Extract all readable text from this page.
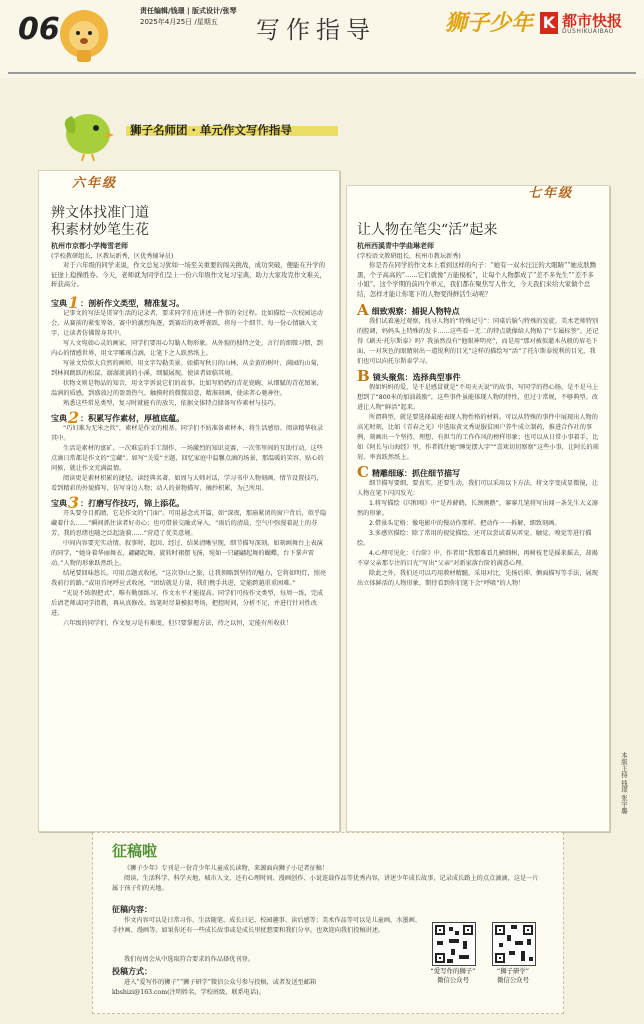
06
责任编辑/钱璟 | 版式设计/张琴
2025年4月25日 /星期五 写作指导	狮子少年 K 都市快报
DUSHIKUAIBAO
狮子名师团 · 单元作文写作指导
辨文体找准门道
积素材妙笔生花
杭州市京都小学梅雪老师
(学校教研组长，区教坛新秀，区优秀辅导员)
对于六年级的同学来说，作文总复习犹如一场至关重要的闯关挑战，成功突破，便能在升学的征途上稳操胜券。今天，老师就为同学们呈上一份六年级作文复习宝典，助力大家攻克作文难关，斩获高分。
宝典1：剖析作文类型，精准复习。

记事文的写法是贯穿生活的记录者，要求同学们在讲述一件事的全过程。比如描绘一次校园运动会，从赛前的紧张筹备，赛中的激烈角逐，到赛后的欢呼雀跃，将每一个细节、每一份心情融入文字，让读者仿佛置身其中。

写人文宛如心灵的画家，同学们要用心勾勒人物形象。从外貌的独特之处，言行的细微习惯，到内心的情感世界，用文字雕琢点滴，让笔下之人跃然纸上。

写景文恰似大自然的画师，用文字勾勒美景。如描写秋日的山林，从金黄的树叶、满园的山菊，到林间跳跃的松鼠、潺潺流淌的小溪，细腻展现，使读者如临其境。

状物文则是物品的知音，用文字诉说它们的故事。比如写奶奶的青花瓷碗，从细腻的青花图案、温润的质感，到盛放过的盈盈热气、触摸时的微微凉意，精准刻画，使读者心驰神往。

熟悉这些常见类型，复习时就能有的放矢，依据文体特点储备写作素材与技巧。

宝典2：积累写作素材，厚植底蕴。

“巧妇难为无米之炊”，素材是作文的根基。同学们不妨准备素材本，将生活感悟、阅读精华收录其中。

生活是素材的富矿。一次难忘的手工制作、一场激烈的知识竞赛，一次邻里间的互助行动，这些点滴日常都是作文的“宝藏”。如写“关爱”主题，回忆家庭中温馨点滴的场景，那温暖的笑容、贴心的问候，就让作文充满温情。

阅读更是素材积累的捷径。读经典名著，如周与大师对话，学习书中人物刻画、情节设置技巧，看到精彩的外貌描写，仿写身边人物；动人的景物描写，摘抄积累，为己所用。

宝典3：打磨写作技巧，锦上添花。

开头要夺目抓睛，它是作文的“门面”。可用悬念式开篇，如“深夜，那扇紧闭的窗户背后，似乎隐藏着什么……”瞬间抓住读者好奇心；也可借景交融式导入，“雨后的清晨，空气中弥漫着泥土的芬芳，我的思绪也随之泛起涟漪……”营造了优美意境。

中间内容要充实动情。叙事时，起因、经过、结果清晰呈现，细节描写深刻。如刻画舞台上表演的同学，“她身着华丽舞衣，翩翩起舞，旋转时裙摆飞扬，宛如一只翩翩起舞的蝴蝶，台下掌声雷动。”人物的形象跃然纸上。

结尾要回味悠长。可用点题式收尾，“这次登山之旅，让我领略到坚持的魅力，它将如明灯，照亮我前行的路。”或用首尾呼应式收尾，“团结就是力量，我们携手共进，定能跨越重重困难。”

“光说不练假把式”，唯有勤加练习，作文水平才能提高。同学们可按作文类型，每周一练，完成后请老师或同学指教，再从真修改。练笔时尽量模拟考场，把控时间，分析不足，并进行针对性改进。

六年级的同学们，作文复习是有难度，但只要掌握方法，持之以恒，定能有所收获！

六年级
让人物在笔尖“活”起来
杭州西溪青中学曲琳老师
(学校语文教研组长，杭州市教坛新秀)
你是否在同学的作文本上看到这样的句子：“她有一双水汪汪的大眼睛”“她皮肤黝黑，个子高高的”……它们就像“万能模板”，让每个人物都成了“差不多先生”“差不多小姐”。这个学期的前四个单元，我们都在聚焦写人作文，今天我们来给大家做个总结，怎样才能让你笔下的人物变得鲜活生动呢？
A细致观察：捕捉人物特点

我们试着通过观察，找寻人物的“特殊记号”：同桌后脑勺特殊的发旋，美术老师特别的腔调，妈妈头上特殊的发卡……这些看一无二的特点就像给人物贴了“专属标签”。还记得《刷天·托尔斯泰》吗？我虽然没有“他眼神明亮”，而是用“那对被似灌木丛般的眉毛下面，一对灰色的眼睛射出一道锐利的目光”这样的描绘写“活”了托尔斯泰锐利的目光，我们也可以向托尔斯泰学习。

B镜头聚焦：选择典型事件

假如妈妈的爱，是不是感冒就是“不用天天说”的故事，写同学的热心肠，是不是马上想到了“800米的加油鼓励”，这些事件虽能体现人物的特性，但过于常规，不够典型。改进让人物“鲜活”起来。

所谓典型，就是要选择最能表现人物性格的材料。可以从特殊的事件中展现出人物的高光时刻，比如《青春之光》中选取黄文秀说服贫困户养牛成立制药，推进合作社的事例，刻画出一个坚持、理想、有担当的工作作风的榜样形象；也可以从日常小事着手，比如《阿长与山海经》里，作者抓住她“睡觉摆大字”“喜欢切切察察”这些小事，让阿长的琐屑、率真跃然纸上。

C精雕细琢：抓住细节描写

细节描写要细，要真实，还要生动。我们可以采用以下方法，将文字变成显微镜，让人物在笔下闪闪发光：

1.将写描绘《闪和嗅》中“是苔藓鹤，长颈澳鹅”，寥寥几笔将写出闻一条先生大义凛然的形象。

2.借景头定格：像电影中的慢动作那样，把动作一一拆解，细致刻画。

3.多感官描绘：除了常用的视觉描绘，还可以尝试着从听觉、触觉、嗅觉等进行描绘。

4.心理可见化：《台阶》中，作者用“我那难看几横细树，再树枝老是摇来摇去，却揭不穿父亲那专注的目光”写出“父亲”对新家落台阶的满意心理。

除此之外，我们还可以巧用教材精髓，采用对比，先扬后抑、侧面描写等手法，展现出立体鲜活的人物形象，期待看到你们笔下会“呼吸”的人物！

七年级
征稿啦
《狮子少年》专刊是一份青少年儿童成长读物，来源面向狮子小记者征稿！
阅读，生活科学、科学天地、城市人文、还有心理时间、漫画创作、小说连载作品等优秀内容，讲述少年成长故事，记录成长路上的点点滴滴，这是一片属于孩子们的天地。
征稿内容：
作文内容可以是日常习作、生活随笔、成长日记、校园趣事、读后感等；美术作品等可以是儿童画、水墨画、手抄画、漫画等。如果你还有一些成长故事或是成长里扰想要和我们分享，也欢迎向我们投稿讲述。
我们每周会从中选取符合要求的作品择优刊登。
投稿方式：
进入“爱写作的狮子”“狮子研学”微信公众号参与投稿，或者发送至邮箱
kbshizi@163.com(注明姓名、学校班级、联系电话)。
“爱写作的狮子”
微信公众号
“狮子研学”
微信公众号
本版主持 钱璟 张宇璐
